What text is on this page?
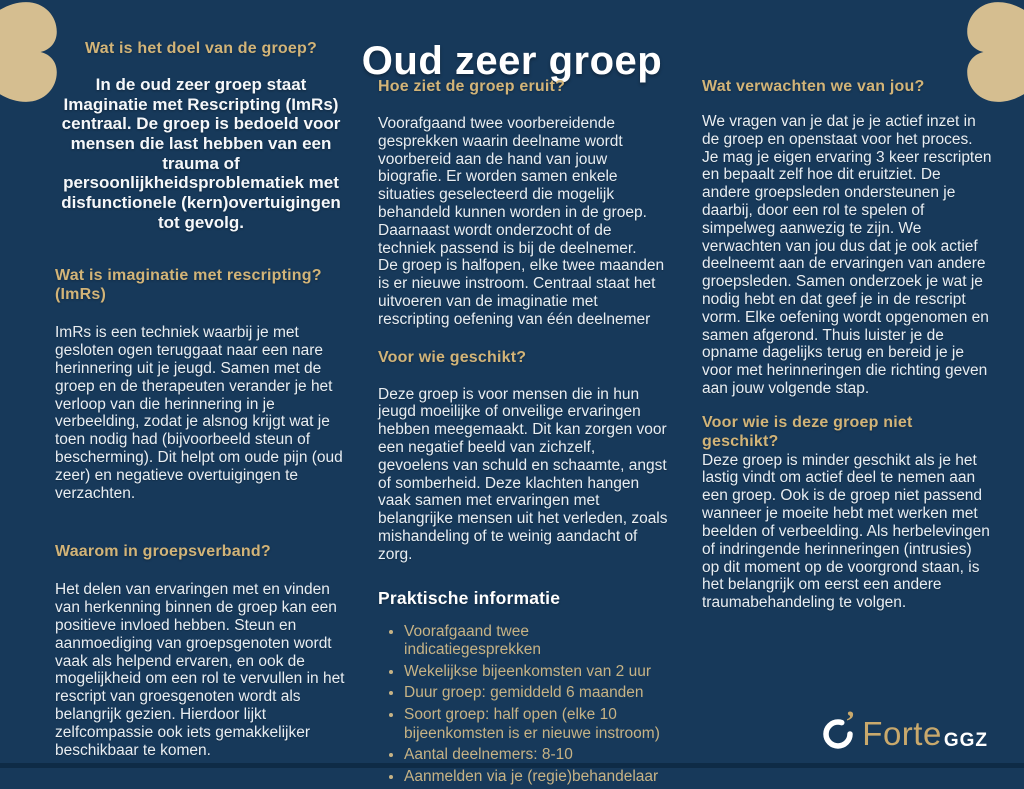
Oud zeer groep
Wat is het doel van de groep?

In de oud zeer groep staat Imaginatie met Rescripting (ImRs) centraal. De groep is bedoeld voor mensen die last hebben van een trauma of persoonlijkheidsproblematiek met disfunctionele (kern)overtuigingen tot gevolg.

Wat is imaginatie met rescripting? (ImRs)

ImRs is een techniek waarbij je met gesloten ogen teruggaat naar een nare herinnering uit je jeugd. Samen met de groep en de therapeuten verander je het verloop van die herinnering in je verbeelding, zodat je alsnog krijgt wat je toen nodig had (bijvoorbeeld steun of bescherming). Dit helpt om oude pijn (oud zeer) en negatieve overtuigingen te verzachten.

Waarom in groepsverband?

Het delen van ervaringen met en vinden van herkenning binnen de groep kan een positieve invloed hebben. Steun en aanmoediging van groepsgenoten wordt vaak als helpend ervaren, en ook de mogelijkheid om een rol te vervullen in het rescript van groesgenoten wordt als belangrijk gezien. Hierdoor lijkt zelfcompassie ook iets gemakkelijker beschikbaar te komen.

Hoe ziet de groep eruit?

Voorafgaand twee voorbereidende gesprekken waarin deelname wordt voorbereid aan de hand van jouw biografie. Er worden samen enkele situaties geselecteerd die mogelijk behandeld kunnen worden in de groep. Daarnaast wordt onderzocht of de techniek passend is bij de deelnemer.

De groep is halfopen, elke twee maanden is er nieuwe instroom. Centraal staat het uitvoeren van de imaginatie met rescripting oefening van één deelnemer

Voor wie geschikt?

Deze groep is voor mensen die in hun jeugd moeilijke of onveilige ervaringen hebben meegemaakt. Dit kan zorgen voor een negatief beeld van zichzelf, gevoelens van schuld en schaamte, angst of somberheid. Deze klachten hangen vaak samen met ervaringen met belangrijke mensen uit het verleden, zoals mishandeling of te weinig aandacht of zorg.

Praktische informatie
• Voorafgaand twee indicatiegesprekken
• Wekelijkse bijeenkomsten van 2 uur
• Duur groep: gemiddeld 6 maanden
• Soort groep: half open (elke 10 bijeenkomsten is er nieuwe instroom)
• Aantal deelnemers: 8-10
• Aanmelden via je (regie)behandelaar
Wat verwachten we van jou?

We vragen van je dat je je actief inzet in de groep en openstaat voor het proces. Je mag je eigen ervaring 3 keer rescripten en bepaalt zelf hoe dit eruitziet. De andere groepsleden ondersteunen je daarbij, door een rol te spelen of simpelweg aanwezig te zijn. We verwachten van jou dus dat je ook actief deelneemt aan de ervaringen van andere groepsleden. Samen onderzoek je wat je nodig hebt en dat geef je in de rescript vorm. Elke oefening wordt opgenomen en samen afgerond. Thuis luister je de opname dagelijks terug en bereid je je voor met herinneringen die richting geven aan jouw volgende stap.

Voor wie is deze groep niet geschikt?

Deze groep is minder geschikt als je het lastig vindt om actief deel te nemen aan een groep. Ook is de groep niet passend wanneer je moeite hebt met werken met beelden of verbeelding. Als herbelevingen of indringende herinneringen (intrusies) op dit moment op de voorgrond staan, is het belangrijk om eerst een andere traumabehandeling te volgen.

’ Forte GGZ
